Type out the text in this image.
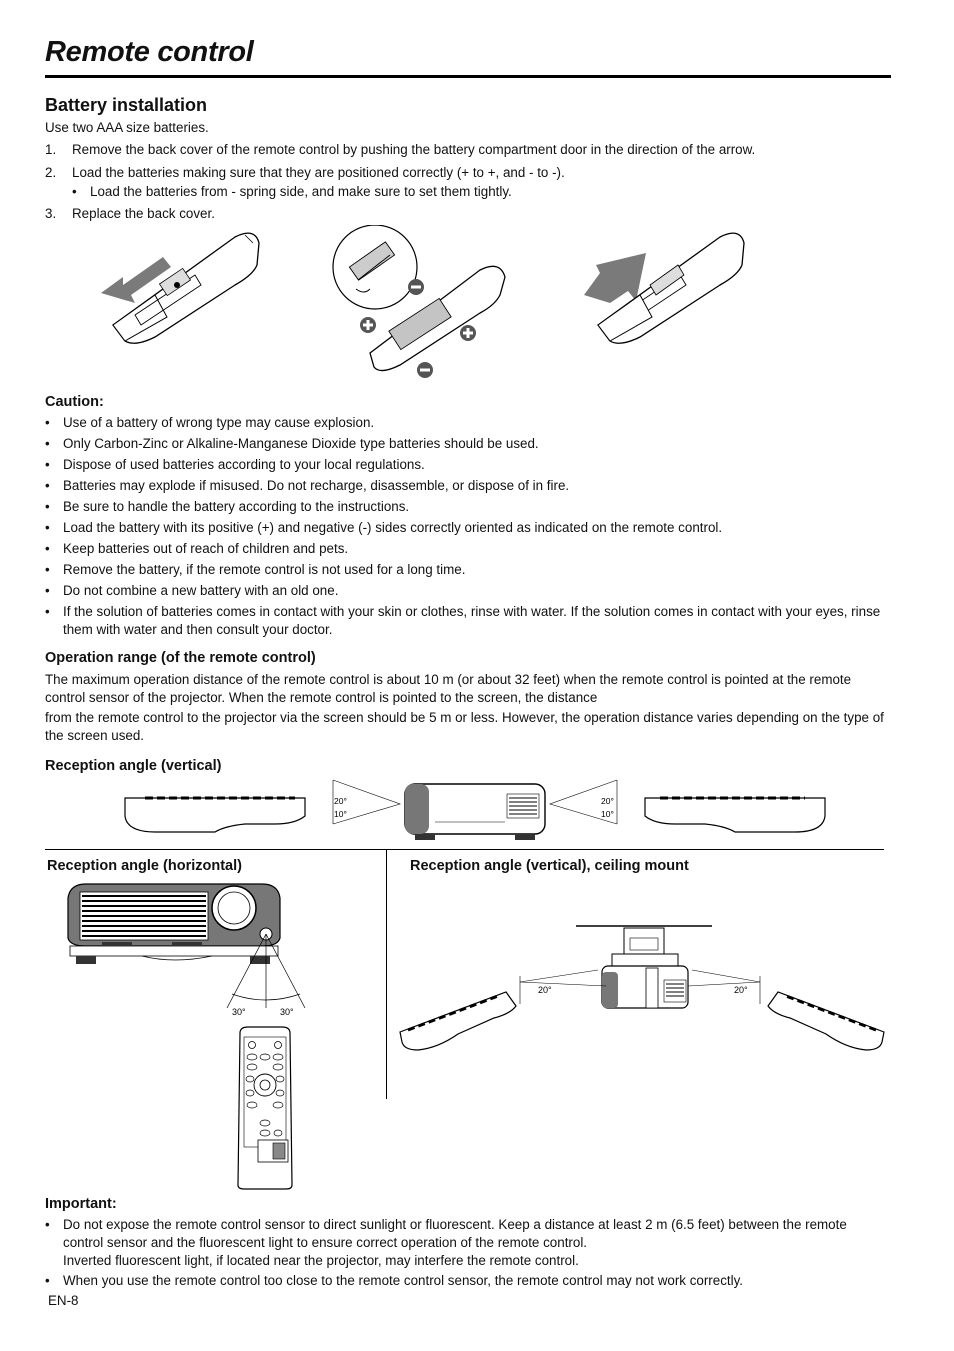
Remote control
Battery installation
Use two AAA size batteries.
1. Remove the back cover of the remote control by pushing the battery compartment door in the direction of the arrow.
2. Load the batteries making sure that they are positioned correctly (+ to +, and - to -).
• Load the batteries from - spring side, and make sure to set them tightly.
3. Replace the back cover.
Caution:
• Use of a battery of wrong type may cause explosion.
• Only Carbon-Zinc or Alkaline-Manganese Dioxide type batteries should be used.
• Dispose of used batteries according to your local regulations.
• Batteries may explode if misused. Do not recharge, disassemble, or dispose of in fire.
• Be sure to handle the battery according to the instructions.
• Load the battery with its positive (+) and negative (-) sides correctly oriented as indicated on the remote control.
• Keep batteries out of reach of children and pets.
• Remove the battery, if the remote control is not used for a long time.
• Do not combine a new battery with an old one.
• If the solution of batteries comes in contact with your skin or clothes, rinse with water. If the solution comes in contact with your eyes, rinse them with water and then consult your doctor.
Operation range (of the remote control)
The maximum operation distance of the remote control is about 10 m (or about 32 feet) when the remote control is pointed at the remote control sensor of the projector. When the remote control is pointed to the screen, the distance
from the remote control to the projector via the screen should be 5 m or less. However, the operation distance varies depending on the type of the screen used.
Reception angle (vertical)
20°
10°
20°
10°
Reception angle (horizontal)
30°	30°
Reception angle (vertical), ceiling mount
20°	20°
Important:
• Do not expose the remote control sensor to direct sunlight or fluorescent. Keep a distance at least 2 m (6.5 feet) between the remote control sensor and the fluorescent light to ensure correct operation of the remote control.
Inverted fluorescent light, if located near the projector, may interfere the remote control.
• When you use the remote control too close to the remote control sensor, the remote control may not work correctly.
EN-8
